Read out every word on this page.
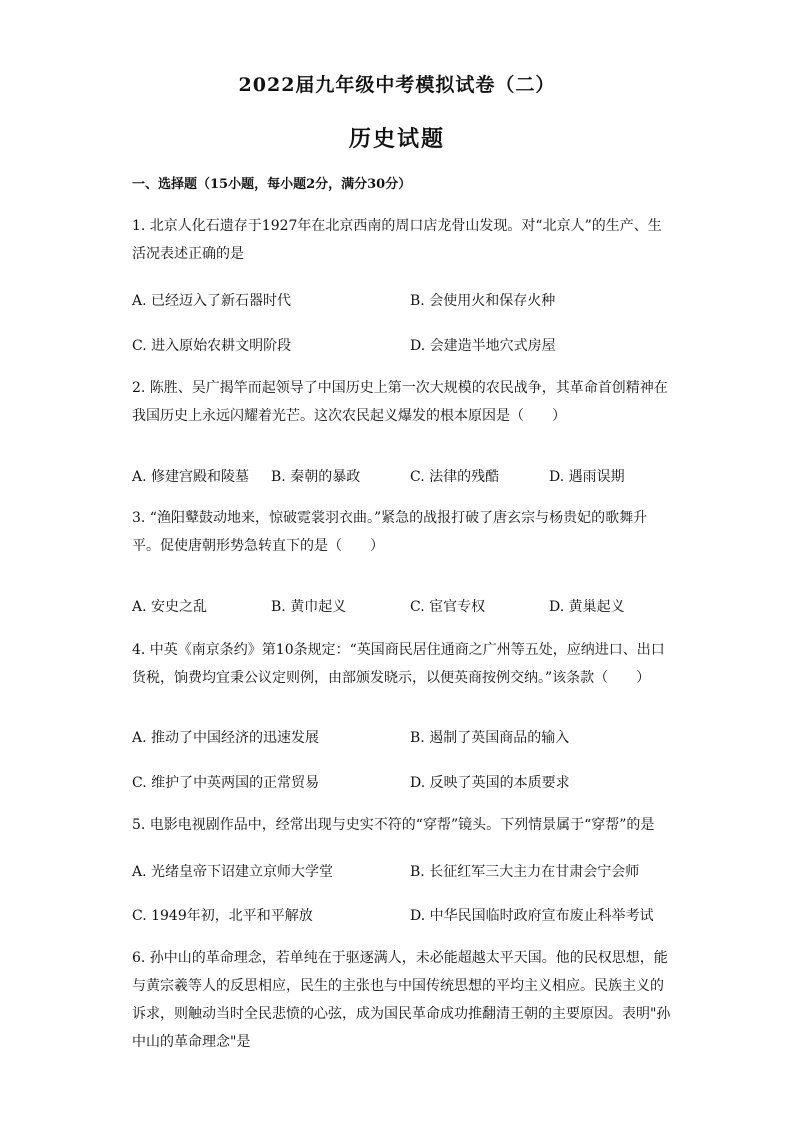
2022届九年级中考模拟试卷（二）
历史试题
一、选择题（15小题，每小题2分，满分30分）
1. 北京人化石遗存于1927年在北京西南的周口店龙骨山发现。对“北京人”的生产、生活况表述正确的是
A. 已经迈入了新石器时代	B. 会使用火和保存火种
C. 进入原始农耕文明阶段	D. 会建造半地穴式房屋
2. 陈胜、吴广揭竿而起领导了中国历史上第一次大规模的农民战争，其革命首创精神在我国历史上永远闪耀着光芒。这次农民起义爆发的根本原因是（　　）
A. 修建宫殿和陵墓 B. 秦朝的暴政	C. 法律的残酷	D. 遇雨误期
3. “渔阳鼙鼓动地来，惊破霓裳羽衣曲。”紧急的战报打破了唐玄宗与杨贵妃的歌舞升平。促使唐朝形势急转直下的是（　　）
A. 安史之乱	B. 黄巾起义	C. 宦官专权	D. 黄巢起义
4. 中英《南京条约》第10条规定：“英国商民居住通商之广州等五处，应纳进口、出口货税，饷费均宜秉公议定则例，由部颁发晓示，以便英商按例交纳。”该条款（　　）
A. 推动了中国经济的迅速发展	B. 遏制了英国商品的输入
C. 维护了中英两国的正常贸易	D. 反映了英国的本质要求
5. 电影电视剧作品中，经常出现与史实不符的“穿帮”镜头。下列情景属于“穿帮”的是
A. 光绪皇帝下诏建立京师大学堂	B. 长征红军三大主力在甘肃会宁会师
C. 1949年初，北平和平解放	D. 中华民国临时政府宣布废止科举考试
6. 孙中山的革命理念，若单纯在于驱逐满人，未必能超越太平天国。他的民权思想，能与黄宗羲等人的反思相应，民生的主张也与中国传统思想的平均主义相应。民族主义的诉求，则触动当时全民悲愤的心弦，成为国民革命成功推翻清王朝的主要原因。表明"孙中山的革命理念"是
